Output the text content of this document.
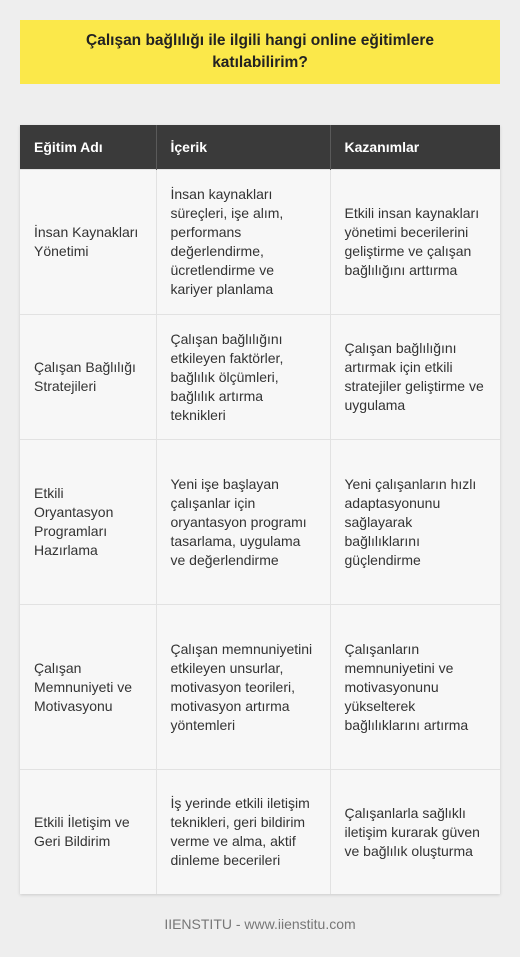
Çalışan bağlılığı ile ilgili hangi online eğitimlere katılabilirim?
Eğitim Adı	İçerik	Kazanımlar
İnsan Kaynakları Yönetimi	İnsan kaynakları süreçleri, işe alım, performans değerlendirme, ücretlendirme ve kariyer planlama	Etkili insan kaynakları yönetimi becerilerini geliştirme ve çalışan bağlılığını arttırma
Çalışan Bağlılığı Stratejileri	Çalışan bağlılığını etkileyen faktörler, bağlılık ölçümleri, bağlılık artırma teknikleri	Çalışan bağlılığını artırmak için etkili stratejiler geliştirme ve uygulama
Etkili Oryantasyon Programları Hazırlama	Yeni işe başlayan çalışanlar için oryantasyon programı tasarlama, uygulama ve değerlendirme	Yeni çalışanların hızlı adaptasyonunu sağlayarak bağlılıklarını güçlendirme
Çalışan Memnuniyeti ve Motivasyonu	Çalışan memnuniyetini etkileyen unsurlar, motivasyon teorileri, motivasyon artırma yöntemleri	Çalışanların memnuniyetini ve motivasyonunu yükselterek bağlılıklarını artırma
Etkili İletişim ve Geri Bildirim	İş yerinde etkili iletişim teknikleri, geri bildirim verme ve alma, aktif dinleme becerileri	Çalışanlarla sağlıklı iletişim kurarak güven ve bağlılık oluşturma
IIENSTITU - www.iienstitu.com
